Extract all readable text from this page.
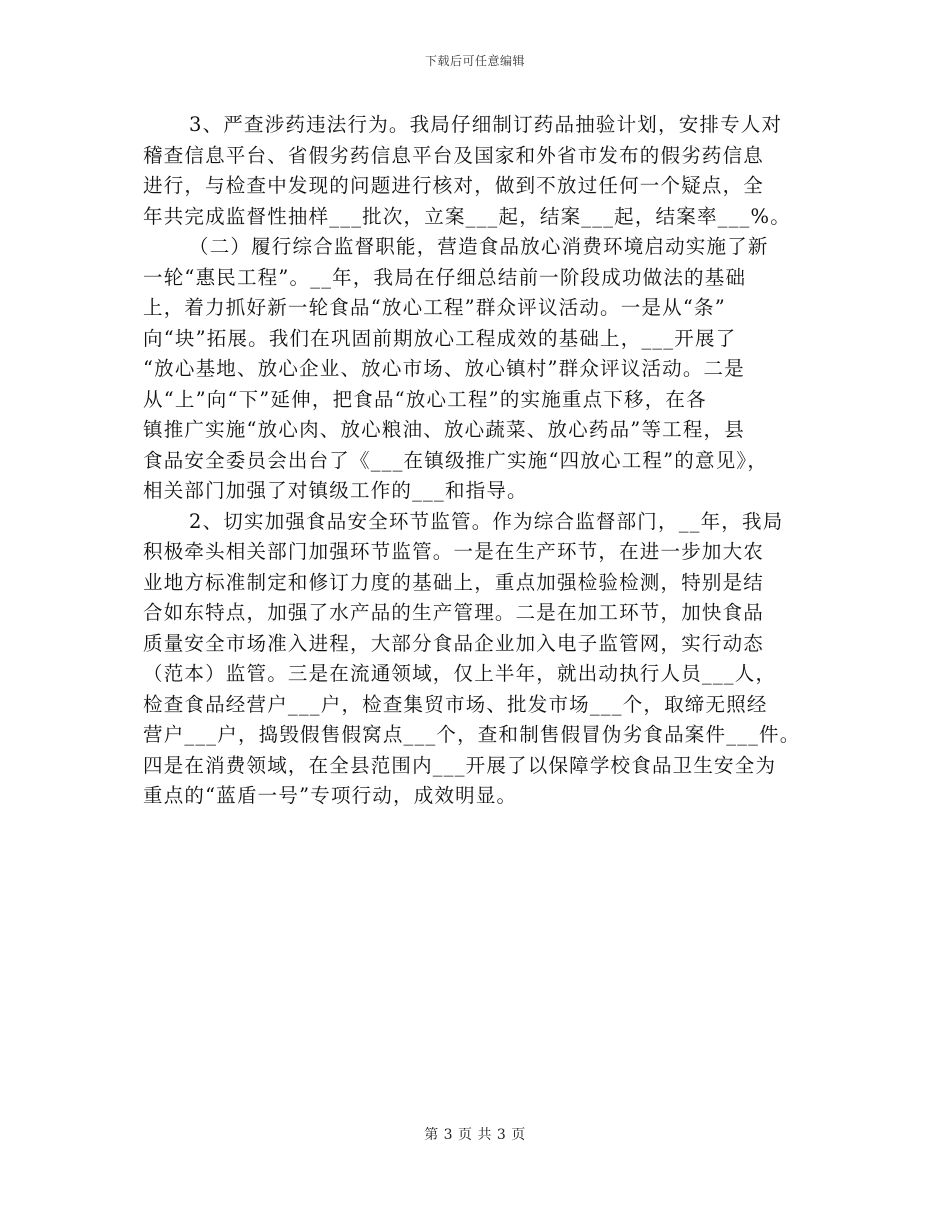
下载后可任意编辑
3、严查涉药违法行为。我局仔细制订药品抽验计划，安排专人对
稽查信息平台、省假劣药信息平台及国家和外省市发布的假劣药信息
进行，与检查中发现的问题进行核对，做到不放过任何一个疑点，全
年共完成监督性抽样___批次，立案___起，结案___起，结案率___%。
（二）履行综合监督职能，营造食品放心消费环境启动实施了新
一轮“惠民工程”。__年，我局在仔细总结前一阶段成功做法的基础
上，着力抓好新一轮食品“放心工程”群众评议活动。一是从“条”
向“块”拓展。我们在巩固前期放心工程成效的基础上，___开展了
“放心基地、放心企业、放心市场、放心镇村”群众评议活动。二是
从“上”向“下”延伸，把食品“放心工程”的实施重点下移，在各
镇推广实施“放心肉、放心粮油、放心蔬菜、放心药品”等工程，县
食品安全委员会出台了《___在镇级推广实施“四放心工程”的意见》，
相关部门加强了对镇级工作的___和指导。
2、切实加强食品安全环节监管。作为综合监督部门，__年，我局
积极牵头相关部门加强环节监管。一是在生产环节，在进一步加大农
业地方标准制定和修订力度的基础上，重点加强检验检测，特别是结
合如东特点，加强了水产品的生产管理。二是在加工环节，加快食品
质量安全市场准入进程，大部分食品企业加入电子监管网，实行动态
（范本）监管。三是在流通领域，仅上半年，就出动执行人员___人，
检查食品经营户___户，检查集贸市场、批发市场___个，取缔无照经
营户___户，捣毁假售假窝点___个，查和制售假冒伪劣食品案件___件。
四是在消费领域，在全县范围内___开展了以保障学校食品卫生安全为
重点的“蓝盾一号”专项行动，成效明显。
第 3 页 共 3 页
